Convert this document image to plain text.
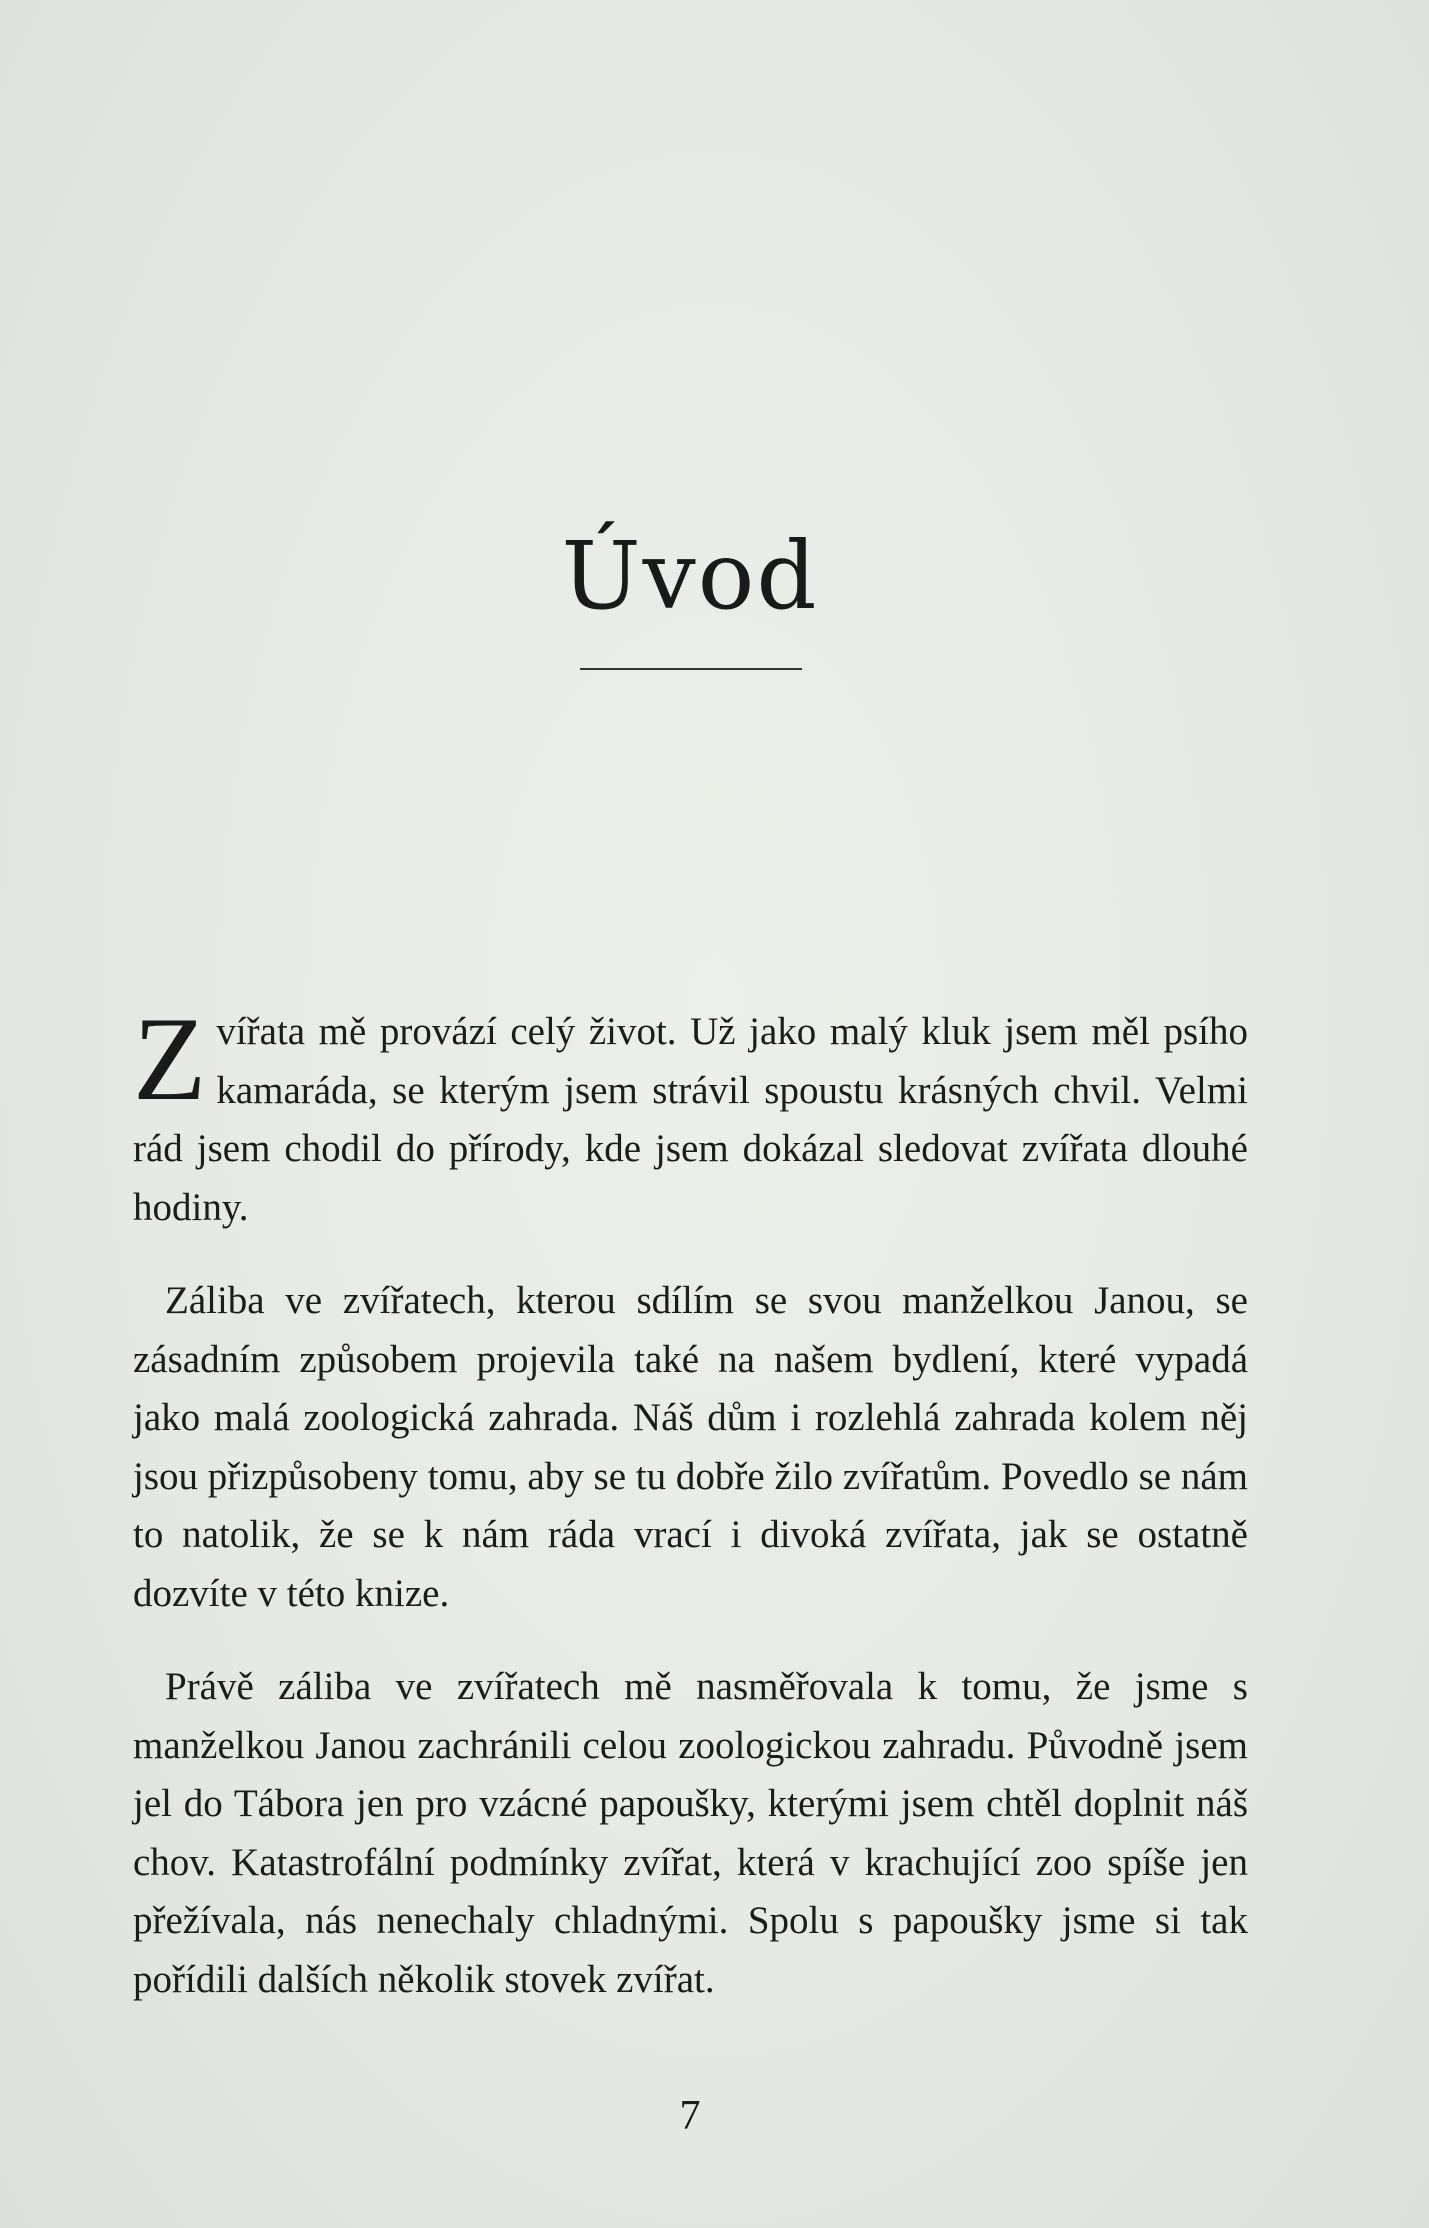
Úvod

Zvířata mě provází celý život. Už jako malý kluk jsem měl psího kamaráda, se kterým jsem strávil spoustu krásných chvil. Velmi rád jsem chodil do přírody, kde jsem dokázal sledovat zvířata dlouhé hodiny.

Záliba ve zvířatech, kterou sdílím se svou manželkou Janou, se zásadním způsobem projevila také na našem bydlení, které vypadá jako malá zoologická zahrada. Náš dům i rozlehlá zahrada kolem něj jsou přizpůsobeny tomu, aby se tu dobře žilo zvířatům. Povedlo se nám to natolik, že se k nám ráda vrací i divoká zvířata, jak se ostatně dozvíte v této knize.

Právě záliba ve zvířatech mě nasměřovala k tomu, že jsme s manželkou Janou zachránili celou zoologickou zahradu. Původně jsem jel do Tábora jen pro vzácné papoušky, kterými jsem chtěl doplnit náš chov. Katastrofální podmínky zvířat, která v krachující zoo spíše jen přežívala, nás nenechaly chladnými. Spolu s papoušky jsme si tak pořídili dalších několik stovek zvířat.

7
